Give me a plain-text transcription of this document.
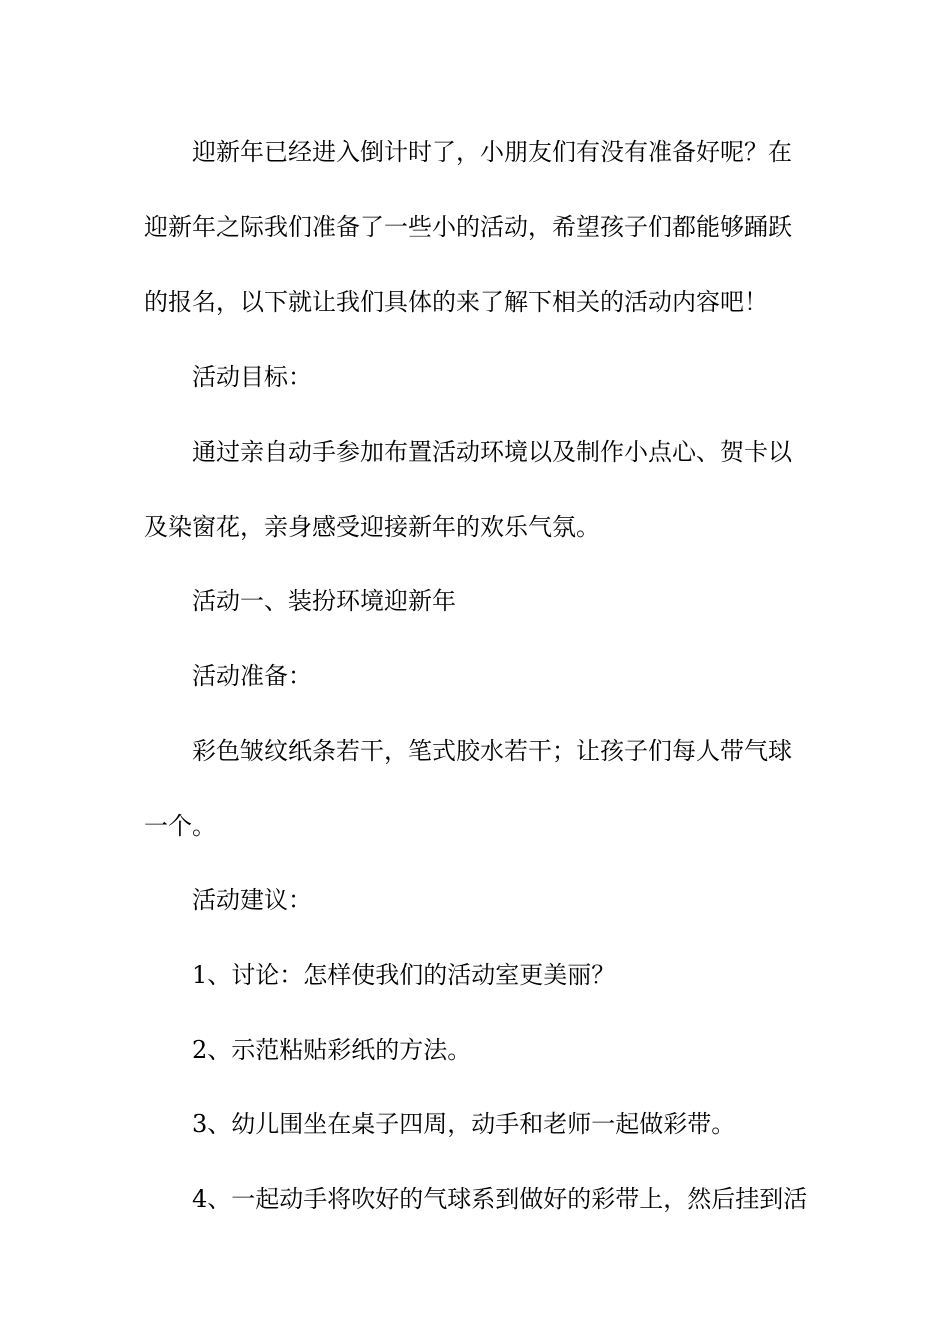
迎新年已经进入倒计时了，小朋友们有没有准备好呢？在
迎新年之际我们准备了一些小的活动，希望孩子们都能够踊跃
的报名，以下就让我们具体的来了解下相关的活动内容吧！
活动目标：
通过亲自动手参加布置活动环境以及制作小点心、贺卡以
及染窗花，亲身感受迎接新年的欢乐气氛。
活动一、装扮环境迎新年
活动准备：
彩色皱纹纸条若干，笔式胶水若干；让孩子们每人带气球
一个。
活动建议：
1、讨论：怎样使我们的活动室更美丽？
2、示范粘贴彩纸的方法。
3、幼儿围坐在桌子四周，动手和老师一起做彩带。
4、一起动手将吹好的气球系到做好的彩带上，然后挂到活
